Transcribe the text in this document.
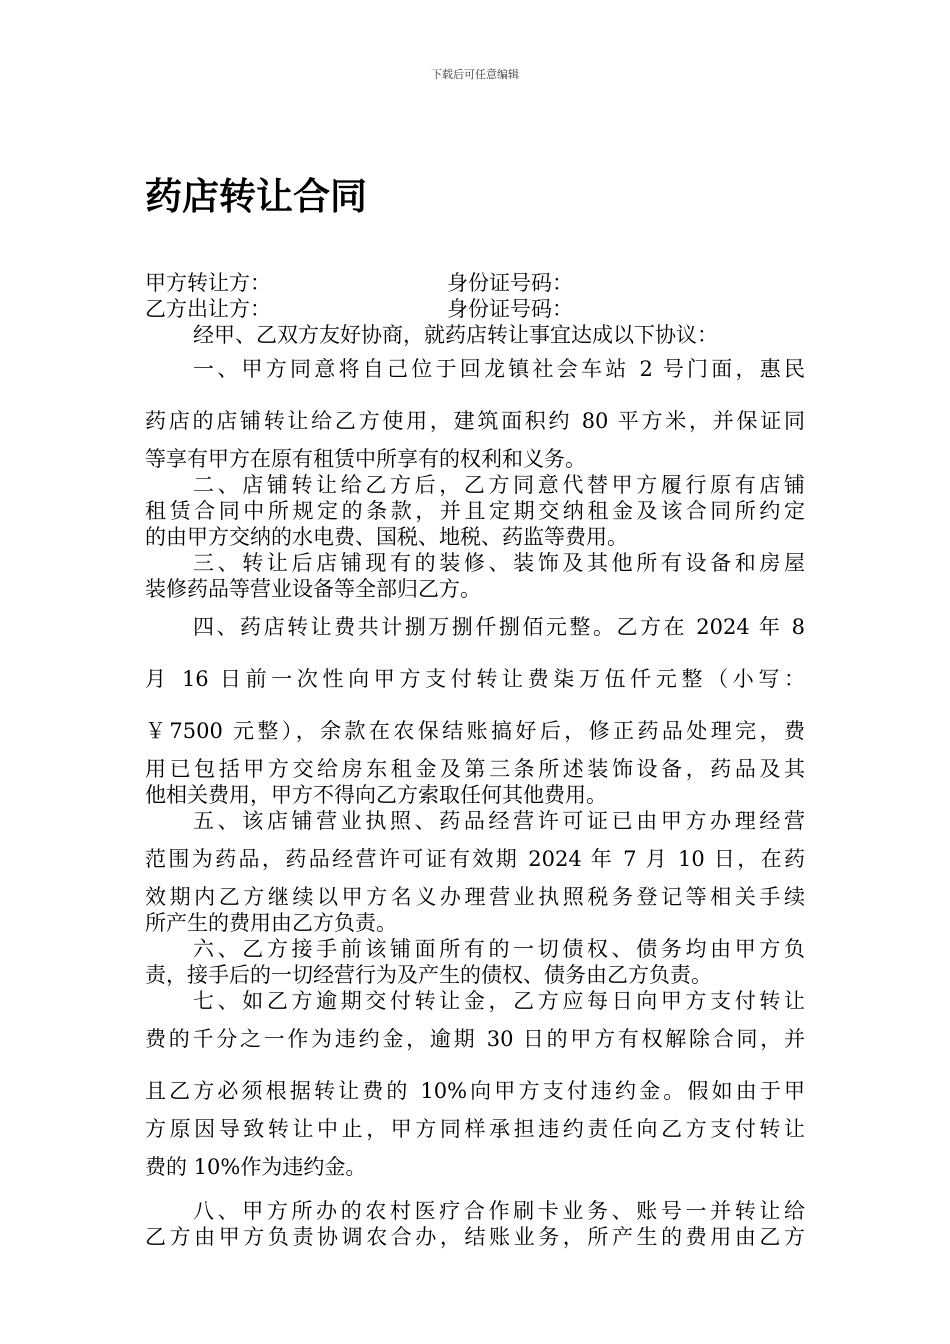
下载后可任意编辑
药店转让合同
甲方转让方：	身份证号码：
乙方出让方：	身份证号码：
经甲、乙双方友好协商，就药店转让事宜达成以下协议：
一、甲方同意将自己位于回龙镇社会车站 2 号门面，惠民
药店的店铺转让给乙方使用，建筑面积约 80 平方米，并保证同
等享有甲方在原有租赁中所享有的权利和义务。
二、店铺转让给乙方后，乙方同意代替甲方履行原有店铺
租赁合同中所规定的条款，并且定期交纳租金及该合同所约定
的由甲方交纳的水电费、国税、地税、药监等费用。
三、转让后店铺现有的装修、装饰及其他所有设备和房屋
装修药品等营业设备等全部归乙方。
四、药店转让费共计捌万捌仟捌佰元整。乙方在 2024 年 8
月 16 日前一次性向甲方支付转让费柒万伍仟元整（小写：
￥7500 元整），余款在农保结账搞好后，修正药品处理完，费
用已包括甲方交给房东租金及第三条所述装饰设备，药品及其
他相关费用，甲方不得向乙方索取任何其他费用。
五、该店铺营业执照、药品经营许可证已由甲方办理经营
范围为药品，药品经营许可证有效期 2024 年 7 月 10 日，在药
效期内乙方继续以甲方名义办理营业执照税务登记等相关手续
所产生的费用由乙方负责。
六、乙方接手前该铺面所有的一切债权、债务均由甲方负
责，接手后的一切经营行为及产生的债权、债务由乙方负责。
七、如乙方逾期交付转让金，乙方应每日向甲方支付转让
费的千分之一作为违约金，逾期 30 日的甲方有权解除合同，并
且乙方必须根据转让费的 10%向甲方支付违约金。假如由于甲
方原因导致转让中止，甲方同样承担违约责任向乙方支付转让
费的 10%作为违约金。
八、甲方所办的农村医疗合作刷卡业务、账号一并转让给
乙方由甲方负责协调农合办，结账业务，所产生的费用由乙方
